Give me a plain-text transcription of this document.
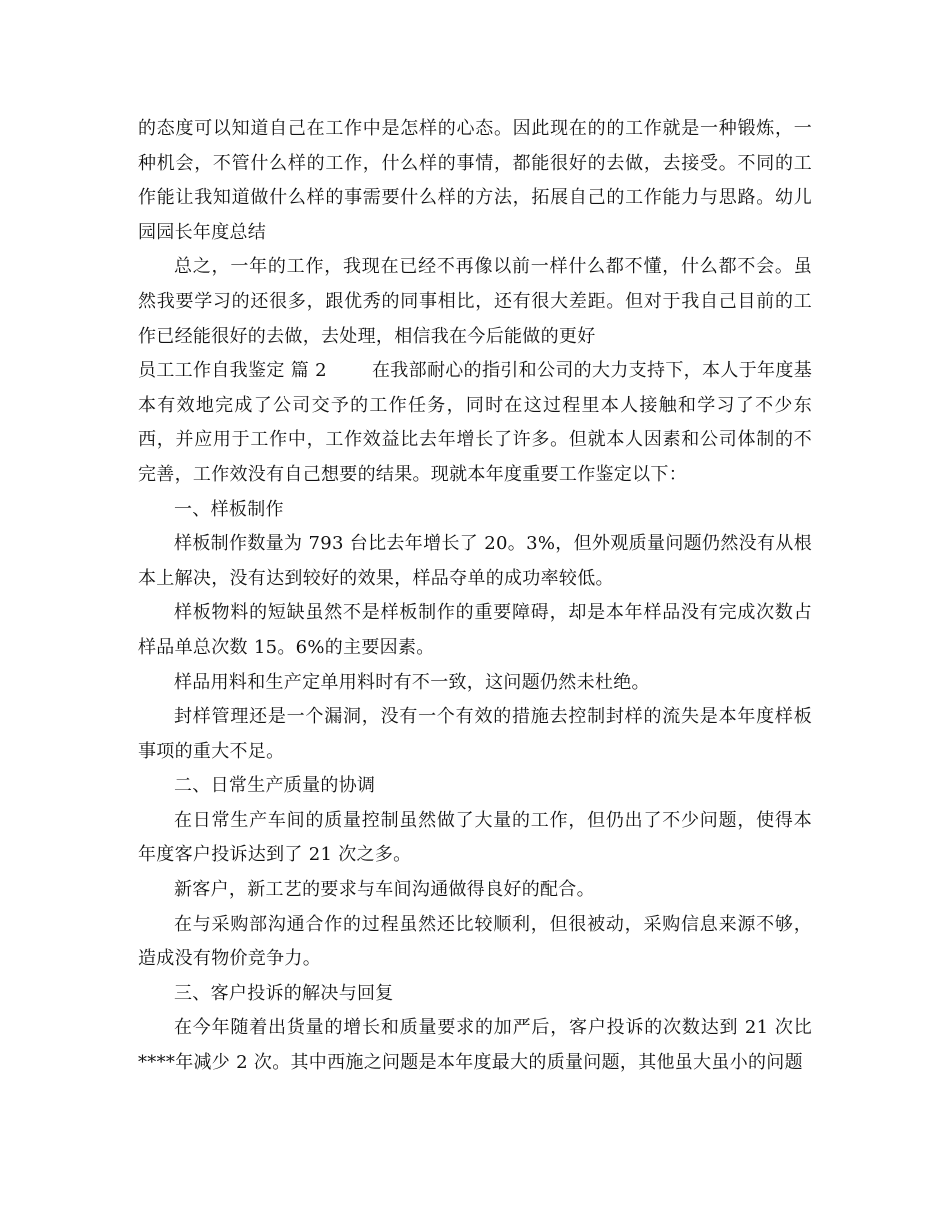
的态度可以知道自己在工作中是怎样的心态。因此现在的的工作就是一种锻炼，一种机会，不管什么样的工作，什么样的事情，都能很好的去做，去接受。不同的工作能让我知道做什么样的事需要什么样的方法，拓展自己的工作能力与思路。幼儿园园长年度总结

总之，一年的工作，我现在已经不再像以前一样什么都不懂，什么都不会。虽然我要学习的还很多，跟优秀的同事相比，还有很大差距。但对于我自己目前的工作已经能很好的去做，去处理，相信我在今后能做的更好

员工工作自我鉴定 篇 2 在我部耐心的指引和公司的大力支持下，本人于年度基本有效地完成了公司交予的工作任务，同时在这过程里本人接触和学习了不少东西，并应用于工作中，工作效益比去年增长了许多。但就本人因素和公司体制的不完善，工作效没有自己想要的结果。现就本年度重要工作鉴定以下：

一、样板制作

样板制作数量为 793 台比去年增长了 20。3%，但外观质量问题仍然没有从根本上解决，没有达到较好的效果，样品夺单的成功率较低。

样板物料的短缺虽然不是样板制作的重要障碍，却是本年样品没有完成次数占样品单总次数 15。6%的主要因素。

样品用料和生产定单用料时有不一致，这问题仍然未杜绝。

封样管理还是一个漏洞，没有一个有效的措施去控制封样的流失是本年度样板事项的重大不足。

二、日常生产质量的协调

在日常生产车间的质量控制虽然做了大量的工作，但仍出了不少问题，使得本年度客户投诉达到了 21 次之多。

新客户，新工艺的要求与车间沟通做得良好的配合。

在与采购部沟通合作的过程虽然还比较顺利，但很被动，采购信息来源不够，造成没有物价竞争力。

三、客户投诉的解决与回复

在今年随着出货量的增长和质量要求的加严后，客户投诉的次数达到 21 次比****年减少 2 次。其中西施之问题是本年度最大的质量问题，其他虽大虽小的问题
